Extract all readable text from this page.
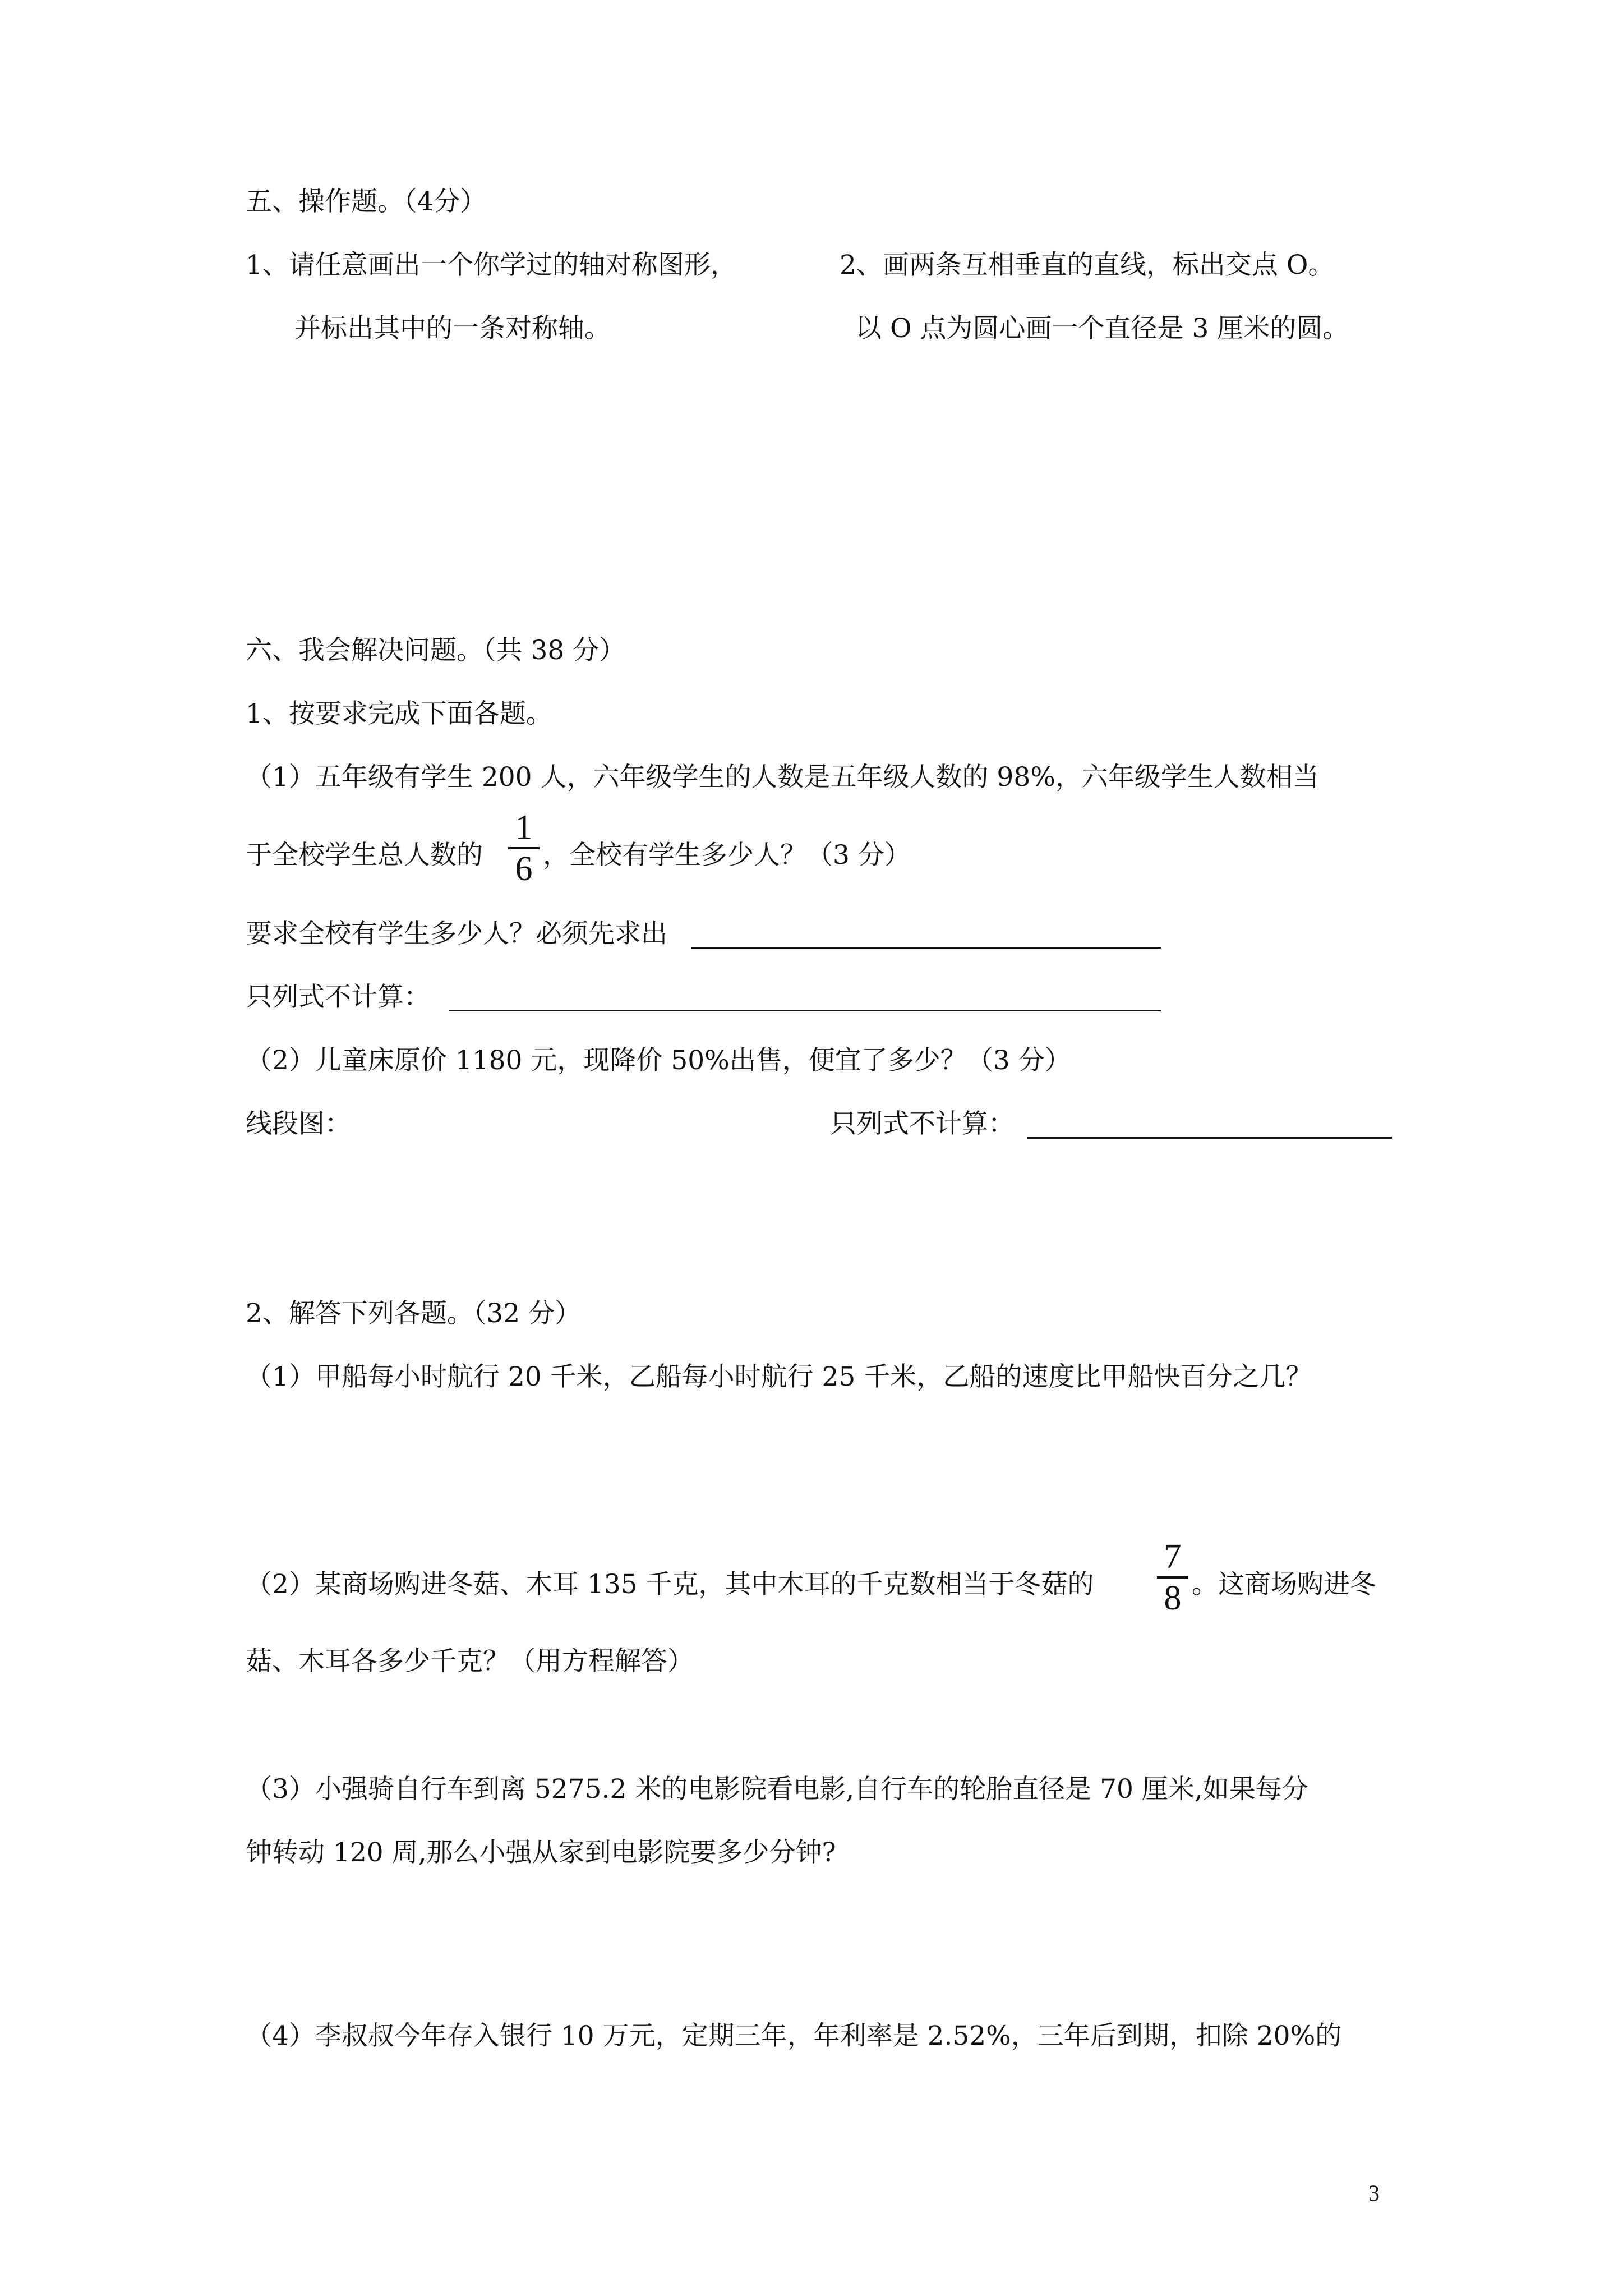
五、操作题。（4分）
1、请任意画出一个你学过的轴对称图形，	2、画两条互相垂直的直线，标出交点 O。
并标出其中的一条对称轴。	以 O 点为圆心画一个直径是 3 厘米的圆。
六、我会解决问题。（共 38 分）
1、按要求完成下面各题。
（1）五年级有学生 200 人，六年级学生的人数是五年级人数的 98%，六年级学生人数相当
于全校学生总人数的
1
6 ，全校有学生多少人？（3 分）
要求全校有学生多少人？必须先求出
只列式不计算：
（2）儿童床原价 1180 元，现降价 50%出售，便宜了多少？（3 分）
线段图：	只列式不计算：
2、解答下列各题。（32 分）
（1）甲船每小时航行 20 千米，乙船每小时航行 25 千米，乙船的速度比甲船快百分之几？
（2）某商场购进冬菇、木耳 135 千克，其中木耳的千克数相当于冬菇的
7
8 。这商场购进冬
菇、木耳各多少千克？（用方程解答）
（3）小强骑自行车到离 5275.2 米的电影院看电影,自行车的轮胎直径是 70 厘米,如果每分
钟转动 120 周,那么小强从家到电影院要多少分钟?
（4）李叔叔今年存入银行 10 万元，定期三年，年利率是 2.52%，三年后到期，扣除 20%的
3
